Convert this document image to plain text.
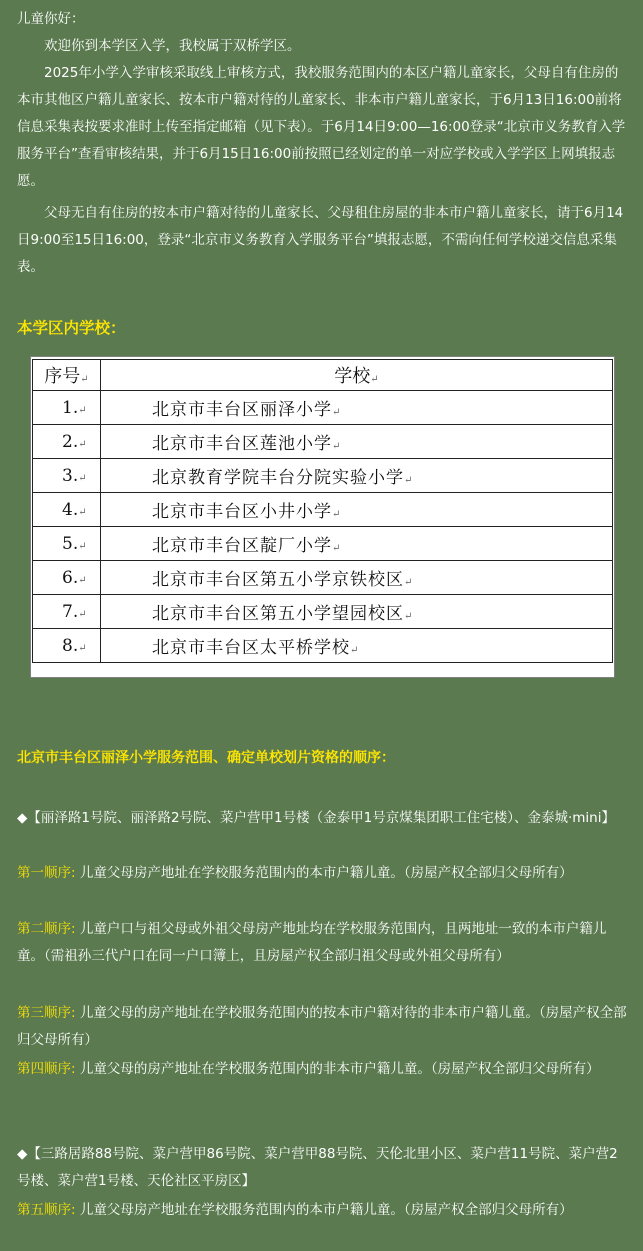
儿童你好：

欢迎你到本学区入学，我校属于双桥学区。

2025年小学入学审核采取线上审核方式，我校服务范围内的本区户籍儿童家长，父母自有住房的本市其他区户籍儿童家长、按本市户籍对待的儿童家长、非本市户籍儿童家长，于6月13日16:00前将信息采集表按要求准时上传至指定邮箱（见下表）。于6月14日9:00—16:00登录“北京市义务教育入学服务平台”查看审核结果，并于6月15日16:00前按照已经划定的单一对应学校或入学学区上网填报志愿。

父母无自有住房的按本市户籍对待的儿童家长、父母租住房屋的非本市户籍儿童家长，请于6月14日9:00至15日16:00，登录“北京市义务教育入学服务平台”填报志愿，不需向任何学校递交信息采集表。

本学区内学校：

序号↵	学校↵
1.↵	北京市丰台区丽泽小学↵
2.↵	北京市丰台区莲池小学↵
3.↵	北京教育学院丰台分院实验小学↵
4.↵	北京市丰台区小井小学↵
5.↵	北京市丰台区靛厂小学↵
6.↵	北京市丰台区第五小学京铁校区↵
7.↵	北京市丰台区第五小学望园校区↵
8.↵	北京市丰台区太平桥学校↵

北京市丰台区丽泽小学服务范围、确定单校划片资格的顺序：

◆【丽泽路1号院、丽泽路2号院、菜户营甲1号楼（金泰甲1号京煤集团职工住宅楼）、金泰城·mini】

第一顺序: 儿童父母房产地址在学校服务范围内的本市户籍儿童。（房屋产权全部归父母所有）

第二顺序: 儿童户口与祖父母或外祖父母房产地址均在学校服务范围内，且两地址一致的本市户籍儿童。（需祖孙三代户口在同一户口簿上，且房屋产权全部归祖父母或外祖父母所有）

第三顺序: 儿童父母的房产地址在学校服务范围内的按本市户籍对待的非本市户籍儿童。（房屋产权全部归父母所有）

第四顺序: 儿童父母的房产地址在学校服务范围内的非本市户籍儿童。（房屋产权全部归父母所有）

◆【三路居路88号院、菜户营甲86号院、菜户营甲88号院、天伦北里小区、菜户营11号院、菜户营2号楼、菜户营1号楼、天伦社区平房区】

第五顺序: 儿童父母房产地址在学校服务范围内的本市户籍儿童。（房屋产权全部归父母所有）
